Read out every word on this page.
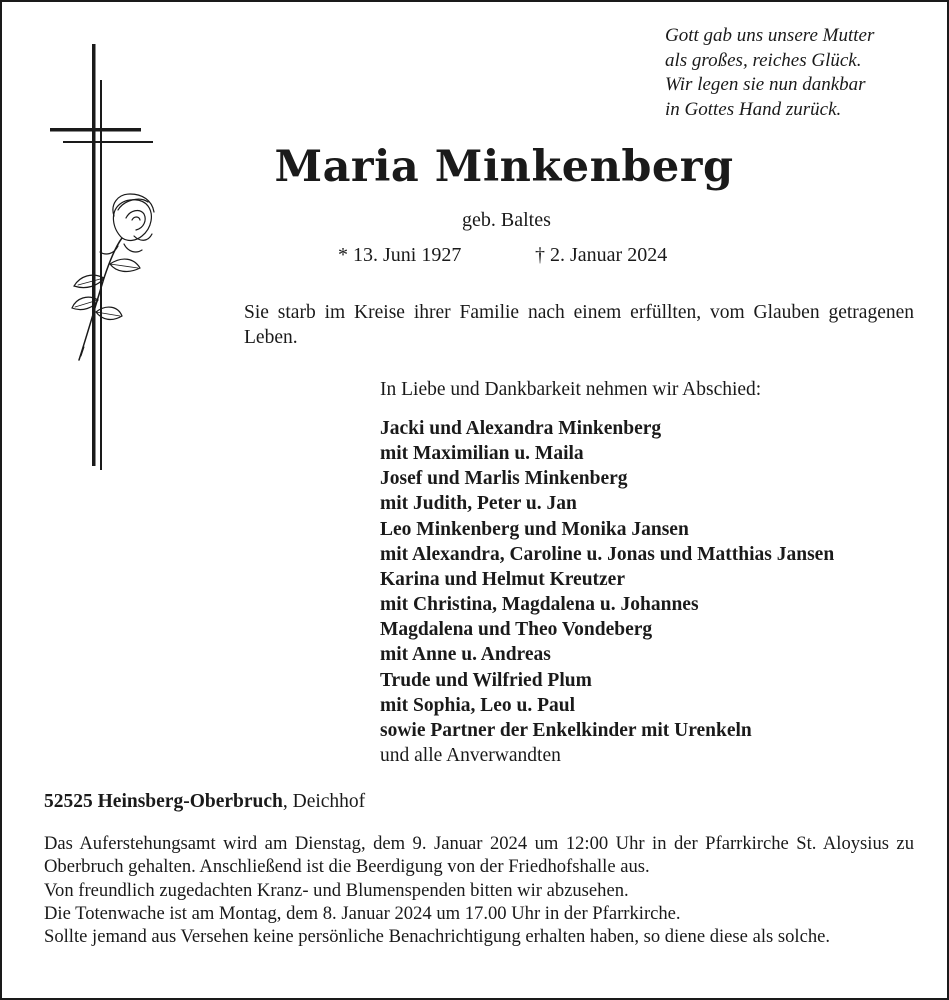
Gott gab uns unsere Mutter
als großes, reiches Glück.
Wir legen sie nun dankbar
in Gottes Hand zurück.
Maria Minkenberg
geb. Baltes
* 13. Juni 1927	† 2. Januar 2024

Sie starb im Kreise ihrer Familie nach einem erfüllten, vom Glauben getragenen Leben.

In Liebe und Dankbarkeit nehmen wir Abschied:
Jacki und Alexandra Minkenberg
mit Maximilian u. Maila
Josef und Marlis Minkenberg
mit Judith, Peter u. Jan
Leo Minkenberg und Monika Jansen
mit Alexandra, Caroline u. Jonas und Matthias Jansen
Karina und Helmut Kreutzer
mit Christina, Magdalena u. Johannes
Magdalena und Theo Vondeberg
mit Anne u. Andreas
Trude und Wilfried Plum
mit Sophia, Leo u. Paul
sowie Partner der Enkelkinder mit Urenkeln
und alle Anverwandten
52525 Heinsberg-Oberbruch, Deichhof
Das Auferstehungsamt wird am Dienstag, dem 9. Januar 2024 um 12:00 Uhr in der Pfarrkirche St. Aloysius zu Oberbruch gehalten. Anschließend ist die Beerdigung von der Friedhofshalle aus.
Von freundlich zugedachten Kranz- und Blumenspenden bitten wir abzusehen.
Die Totenwache ist am Montag, dem 8. Januar 2024 um 17.00 Uhr in der Pfarrkirche.
Sollte jemand aus Versehen keine persönliche Benachrichtigung erhalten haben, so diene diese als solche.
